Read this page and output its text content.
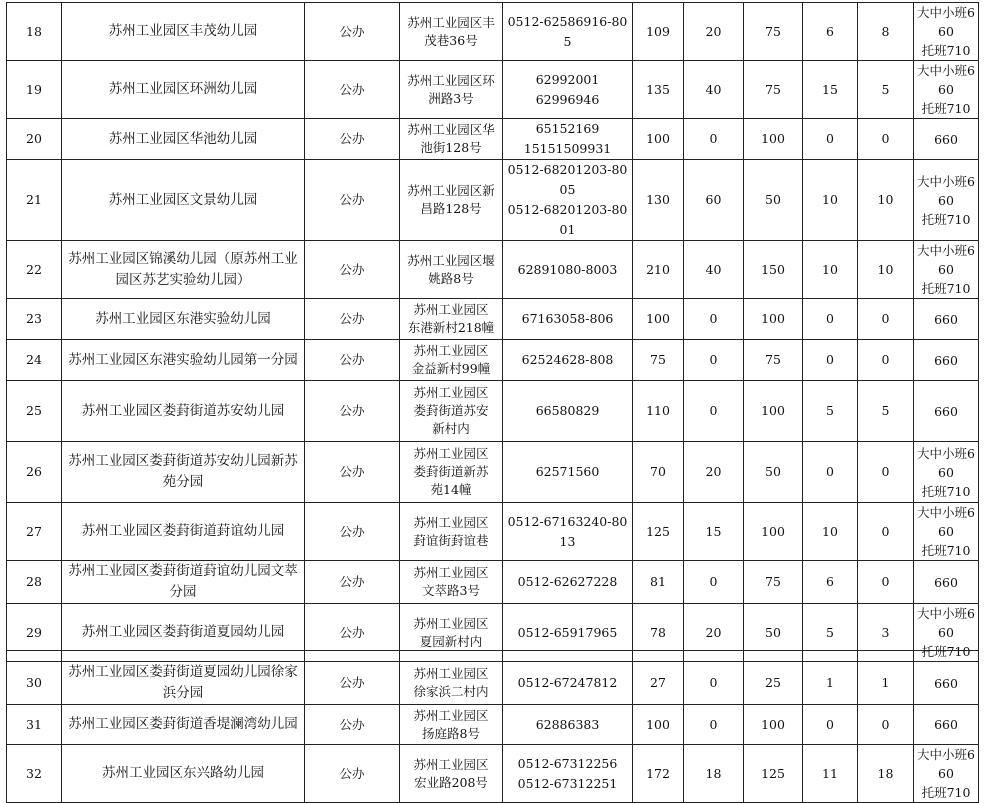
18	苏州工业园区丰茂幼儿园	公办	苏州工业园区丰
茂巷36号	0512-62586916-805	109	20	75	6	8	大中小班660
托班710

19	苏州工业园区环洲幼儿园	公办	苏州工业园区环
洲路3号	62992001
62996946	135	40	75	15	5	大中小班660
托班710

20	苏州工业园区华池幼儿园	公办	苏州工业园区华
池街128号	65152169
15151509931	100	0	100	0	0	660

21	苏州工业园区文景幼儿园	公办	苏州工业园区新
昌路128号	0512-68201203-8005
0512-68201203-8001	130	60	50	10	10	大中小班660
托班710

22	苏州工业园区锦溪幼儿园（原苏州工业园区苏艺实验幼儿园）	公办	苏州工业园区堰
姚路8号	62891080-8003	210	40	150	10	10	大中小班660
托班710

23	苏州工业园区东港实验幼儿园	公办	苏州工业园区
东港新村218幢	67163058-806	100	0	100	0	0	660

24	苏州工业园区东港实验幼儿园第一分园	公办	苏州工业园区
金益新村99幢	62524628-808	75	0	75	0	0	660

25	苏州工业园区娄葑街道苏安幼儿园	公办	苏州工业园区
娄葑街道苏安
新村内	66580829	110	0	100	5	5	660

26	苏州工业园区娄葑街道苏安幼儿园新苏苑分园	公办	苏州工业园区
娄葑街道新苏
苑14幢	62571560	70	20	50	0	0	大中小班660
托班710

27	苏州工业园区娄葑街道葑谊幼儿园	公办	苏州工业园区
葑谊街葑谊巷	0512-67163240-8013	125	15	100	10	0	大中小班660
托班710

28	苏州工业园区娄葑街道葑谊幼儿园文萃分园	公办	苏州工业园区
文萃路3号	0512-62627228	81	0	75	6	0	660

29	苏州工业园区娄葑街道夏园幼儿园	公办	苏州工业园区
夏园新村内	0512-65917965	78	20	50	5	3	大中小班660
托班710

30	苏州工业园区娄葑街道夏园幼儿园徐家浜分园	公办	苏州工业园区
徐家浜二村内	0512-67247812	27	0	25	1	1	660

31	苏州工业园区娄葑街道香堤澜湾幼儿园	公办	苏州工业园区
扬庭路8号	62886383	100	0	100	0	0	660

32	苏州工业园区东兴路幼儿园	公办	苏州工业园区
宏业路208号	0512-67312256
0512-67312251	172	18	125	11	18	大中小班660
托班710
